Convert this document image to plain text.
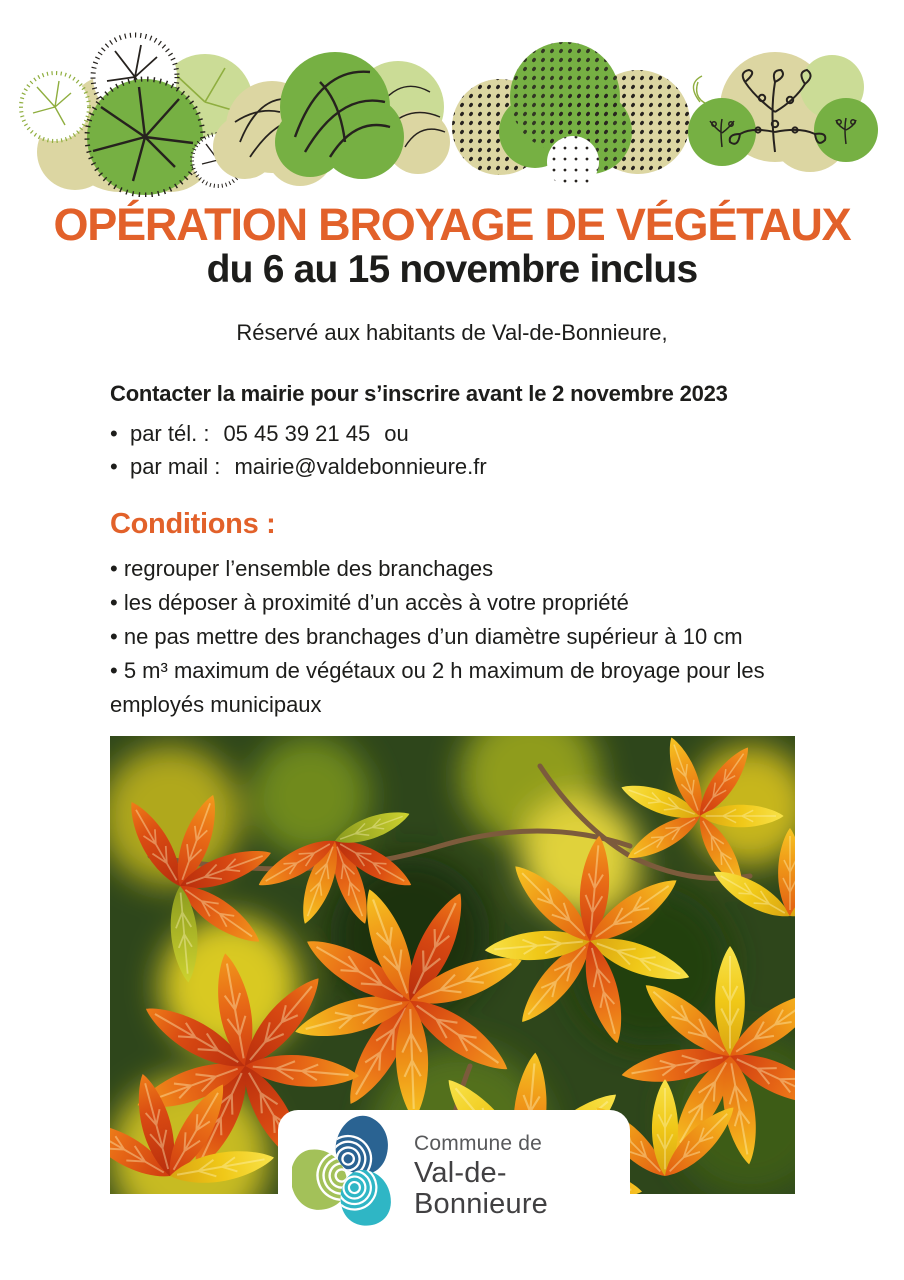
OPÉRATION BROYAGE DE VÉGÉTAUX
du 6 au 15 novembre inclus
Réservé aux habitants de Val-de-Bonnieure,

Contacter la mairie pour s’inscrire avant le 2 novembre 2023

• par tél. : 05 45 39 21 45 ou
• par mail : mairie@valdebonnieure.fr
Conditions :
• regrouper l’ensemble des branchages
• les déposer à proximité d’un accès à votre propriété
• ne pas mettre des branchages d’un diamètre supérieur à 10 cm
• 5 m³ maximum de végétaux ou 2 h maximum de broyage pour les employés municipaux
Commune de
Val-de-Bonnieure
